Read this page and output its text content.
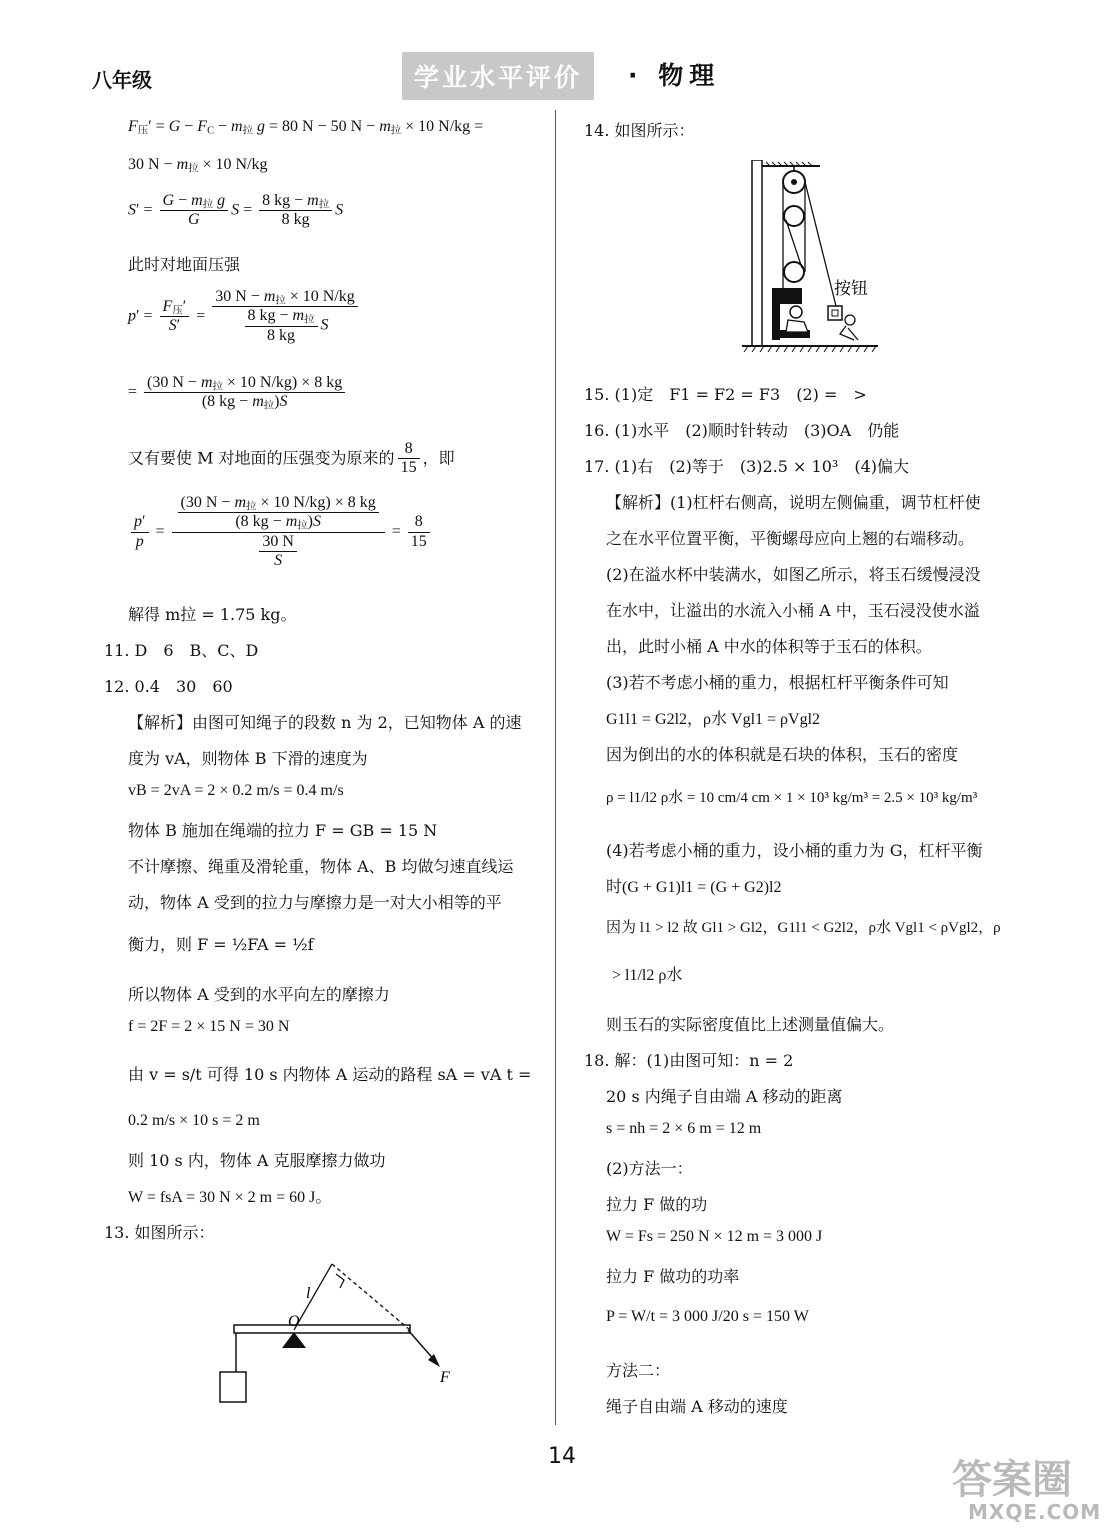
八年级	学业水平评价	· 物理
$F_压' = G - F_C - m_拉$ g = 80 N − 50 $N - m_拉 \times 10$ N/kg =
30 $N - m_拉 \times 10$ N/kg
$S' = \frac{G - m_拉 g}{G}$ $S = \frac{8 kg - m_拉}{8 kg}$ S
此时对地面压强
$p' = \frac{F_压'}{S'} = \frac{30 N - m_拉 \times 10 N/kg}{\frac{8 kg - m_拉}{8 kg} S}$
= $\frac{(30 N - m_拉 \times 10 N/kg) \times 8 kg}{(8 kg - m_拉)S}$
又有要使 M 对地面的压强变为原来的 $\frac{8}{15}$ ，即
$\frac{p'}{p} = \frac{\frac{(30 N - m_拉 \times 10 N/kg) \times 8 kg}{(8 kg - m_拉)S}}{\frac{30 N}{S}} = \frac{8}{15}$
解得 m拉 = 1.75 kg。
11. D　6　B、C、D
12. 0.4　30　60
【解析】由图可知绳子的段数 n 为 2，已知物体 A 的速
度为 vA，则物体 B 下滑的速度为
vB = 2vA = 2 × 0.2 m/s = 0.4 m/s
物体 B 施加在绳端的拉力 F = GB = 15 N
不计摩擦、绳重及滑轮重，物体 A、B 均做匀速直线运
动，物体 A 受到的拉力与摩擦力是一对大小相等的平
衡力，则 F = ½FA = ½f
所以物体 A 受到的水平向左的摩擦力
f = 2F = 2 × 15 N = 30 N
由 v = s/t 可得 10 s 内物体 A 运动的路程 sA = vA t =
0.2 m/s × 10 s = 2 m
则 10 s 内，物体 A 克服摩擦力做功
W = fsA = 30 N × 2 m = 60 J。
13. 如图所示：
l
O
F
14. 如图所示：
按钮
15. (1)定　F1 = F2 = F3　(2) =　>
16. (1)水平　(2)顺时针转动　(3)OA　仍能
17. (1)右　(2)等于　(3)2.5 × 10³　(4)偏大
【解析】(1)杠杆右侧高，说明左侧偏重，调节杠杆使
之在水平位置平衡，平衡螺母应向上翘的右端移动。
(2)在溢水杯中装满水，如图乙所示，将玉石缓慢浸没
在水中，让溢出的水流入小桶 A 中，玉石浸没使水溢
出，此时小桶 A 中水的体积等于玉石的体积。
(3)若不考虑小桶的重力，根据杠杆平衡条件可知
G1l1 = G2l2，ρ水 Vgl1 = ρVgl2
因为倒出的水的体积就是石块的体积，玉石的密度
ρ = l1/l2 ρ水 = 10 cm/4 cm × 1 × 10³ kg/m³ = 2.5 × 10³ kg/m³
(4)若考虑小桶的重力，设小桶的重力为 G，杠杆平衡
时(G + G1)l1 = (G + G2)l2
因为 l1 > l2 故 Gl1 > Gl2，G1l1 < G2l2，ρ水 Vgl1 < ρVgl2，ρ
> l1/l2 ρ水
则玉石的实际密度值比上述测量值偏大。
18. 解：(1)由图可知：n = 2
20 s 内绳子自由端 A 移动的距离
s = nh = 2 × 6 m = 12 m
(2)方法一：
拉力 F 做的功
W = Fs = 250 N × 12 m = 3 000 J
拉力 F 做功的功率
P = W/t = 3 000 J/20 s = 150 W
方法二：
绳子自由端 A 移动的速度
14
答案圈
MXQE.COM
